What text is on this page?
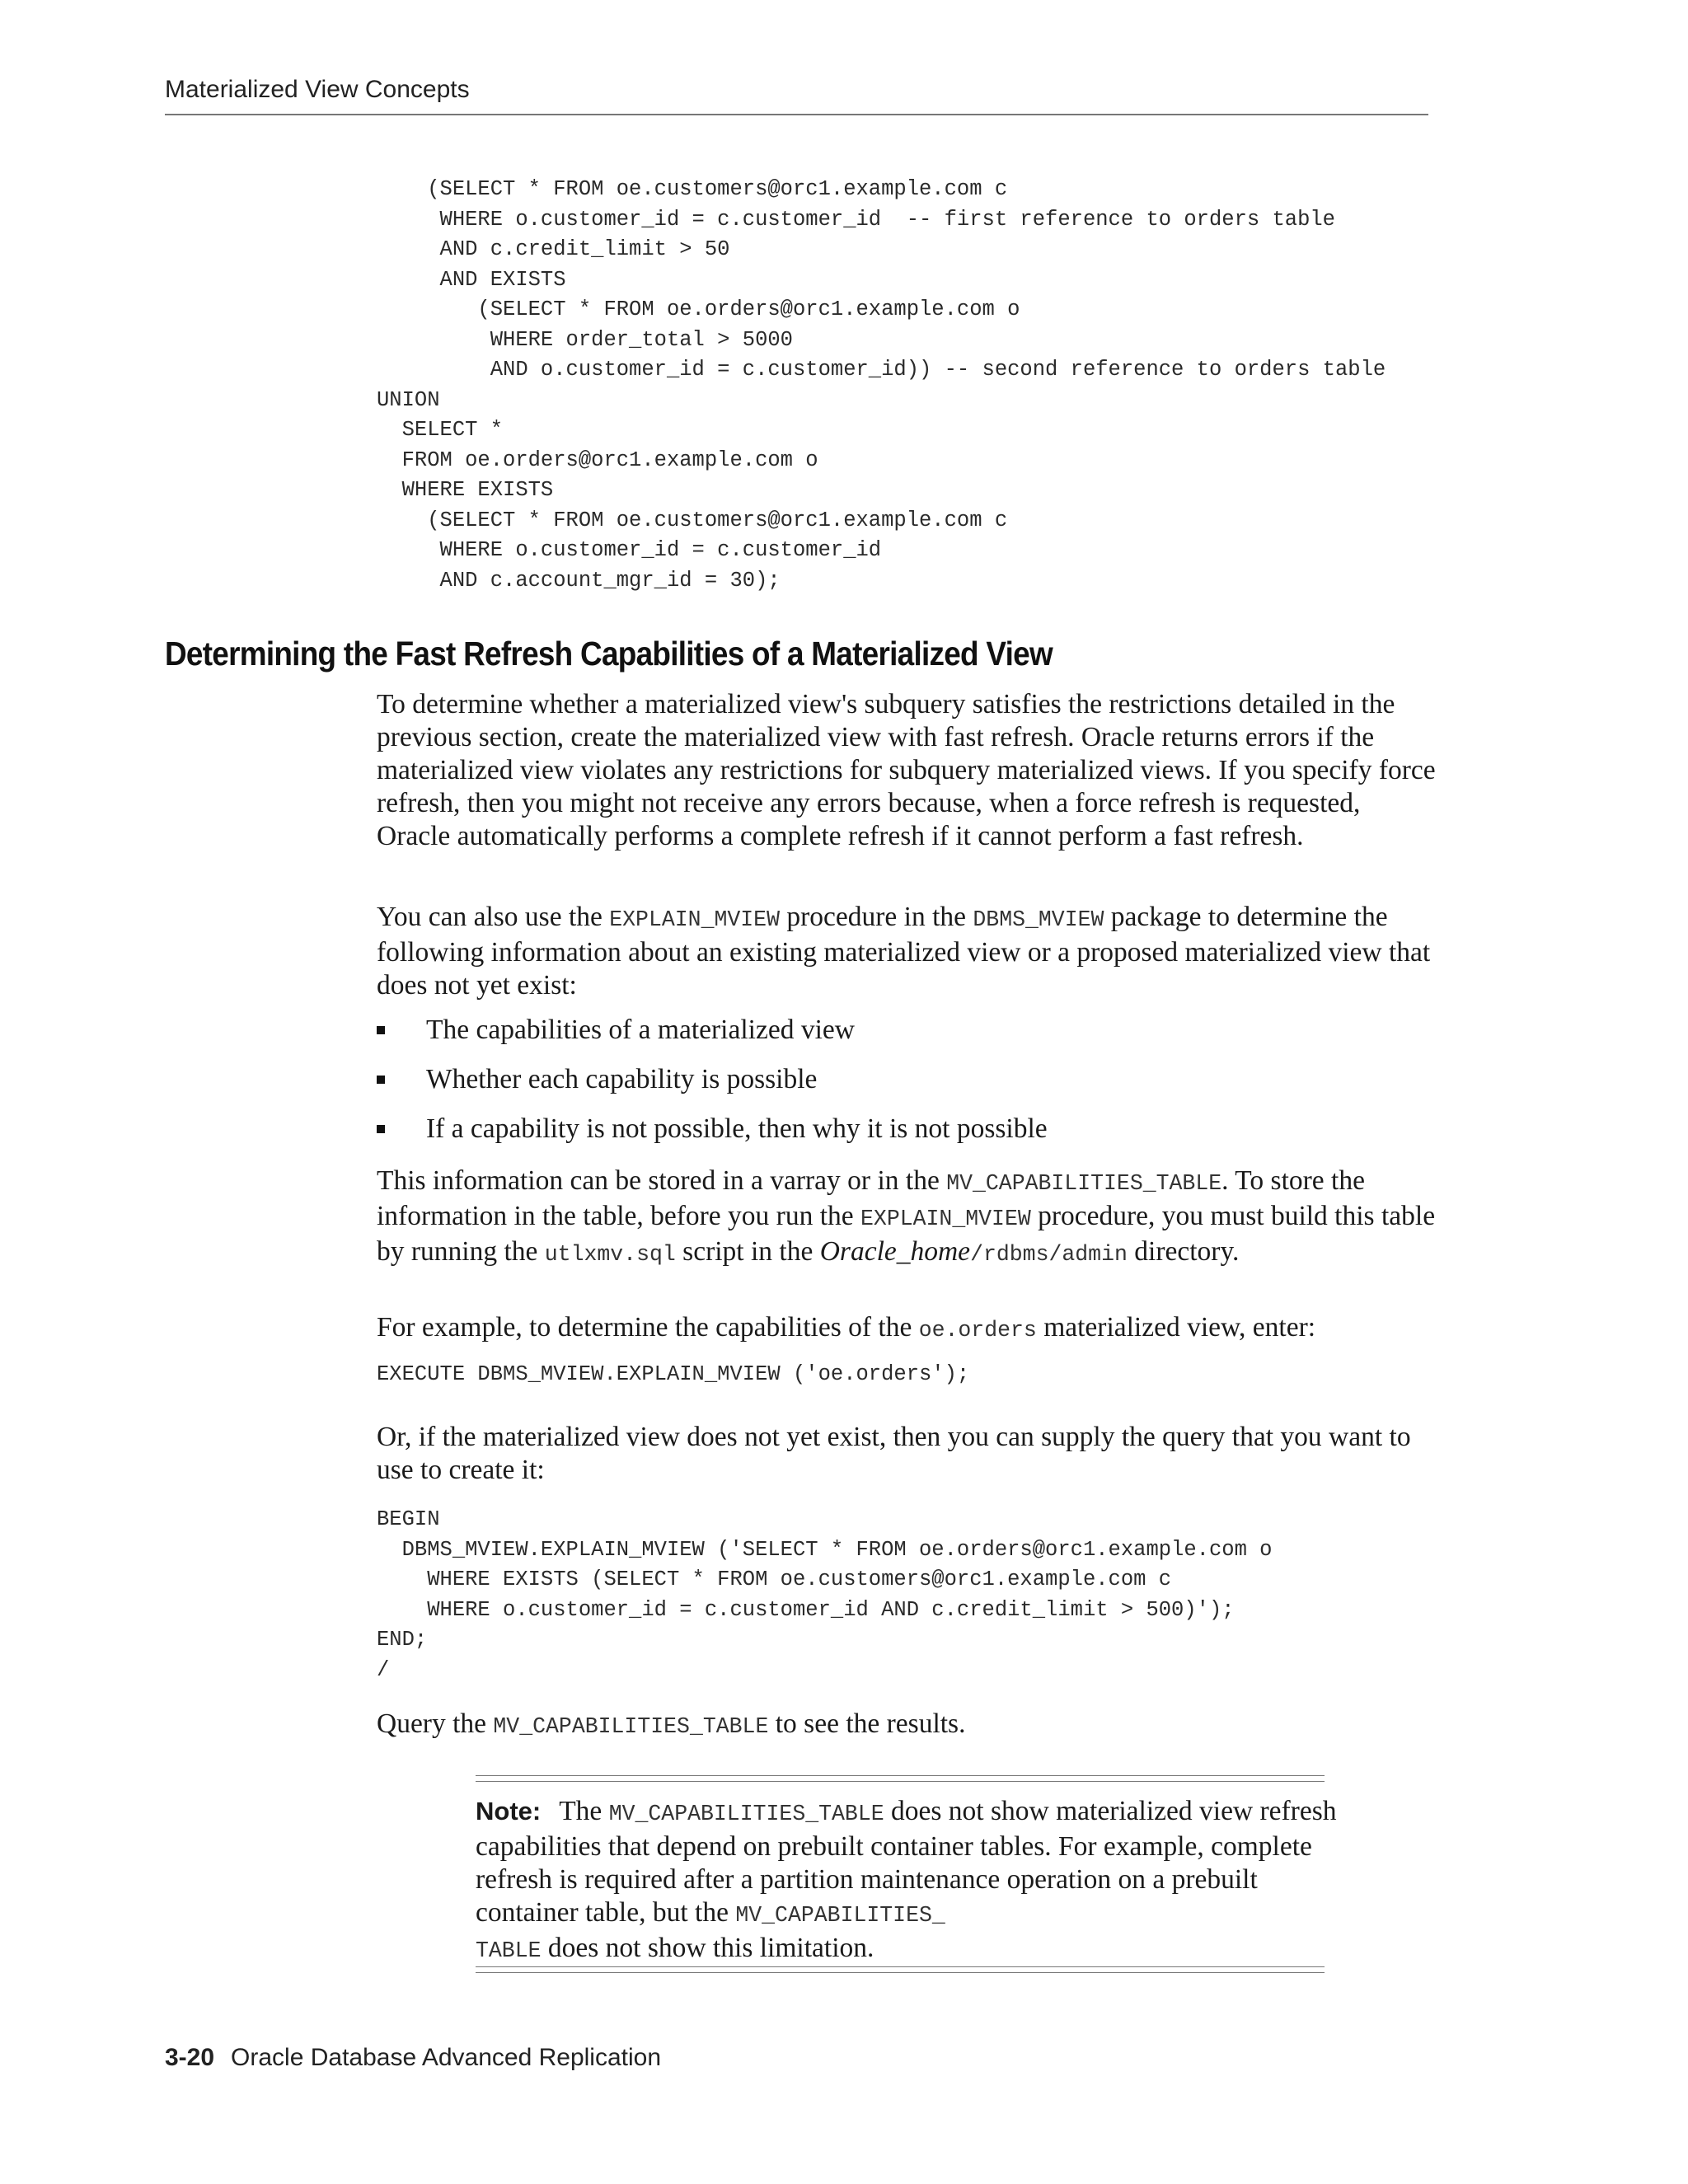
Materialized View Concepts
(SELECT * FROM oe.customers@orc1.example.com c
WHERE o.customer_id = c.customer_id  -- first reference to orders table
AND c.credit_limit > 50
AND EXISTS
(SELECT * FROM oe.orders@orc1.example.com o
WHERE order_total > 5000
AND o.customer_id = c.customer_id)) -- second reference to orders table
UNION
SELECT *
FROM oe.orders@orc1.example.com o
WHERE EXISTS
(SELECT * FROM oe.customers@orc1.example.com c
WHERE o.customer_id = c.customer_id
AND c.account_mgr_id = 30);
Determining the Fast Refresh Capabilities of a Materialized View

To determine whether a materialized view's subquery satisfies the restrictions detailed in the previous section, create the materialized view with fast refresh. Oracle returns errors if the materialized view violates any restrictions for subquery materialized views. If you specify force refresh, then you might not receive any errors because, when a force refresh is requested, Oracle automatically performs a complete refresh if it cannot perform a fast refresh.

You can also use the EXPLAIN_MVIEW procedure in the DBMS_MVIEW package to determine the following information about an existing materialized view or a proposed materialized view that does not yet exist:

The capabilities of a materialized view
Whether each capability is possible
If a capability is not possible, then why it is not possible

This information can be stored in a varray or in the MV_CAPABILITIES_TABLE. To store the information in the table, before you run the EXPLAIN_MVIEW procedure, you must build this table by running the utlxmv.sql script in the Oracle_home/rdbms/admin directory.

For example, to determine the capabilities of the oe.orders materialized view, enter:

EXECUTE DBMS_MVIEW.EXPLAIN_MVIEW ('oe.orders');

Or, if the materialized view does not yet exist, then you can supply the query that you want to use to create it:

BEGIN
DBMS_MVIEW.EXPLAIN_MVIEW ('SELECT * FROM oe.orders@orc1.example.com o
WHERE EXISTS (SELECT * FROM oe.customers@orc1.example.com c
WHERE o.customer_id = c.customer_id AND c.credit_limit > 500)');
END;
/

Query the MV_CAPABILITIES_TABLE to see the results.

Note: The MV_CAPABILITIES_TABLE does not show materialized view refresh capabilities that depend on prebuilt container tables. For example, complete refresh is required after a partition maintenance operation on a prebuilt container table, but the MV_CAPABILITIES_
TABLE does not show this limitation.

3-20 Oracle Database Advanced Replication
